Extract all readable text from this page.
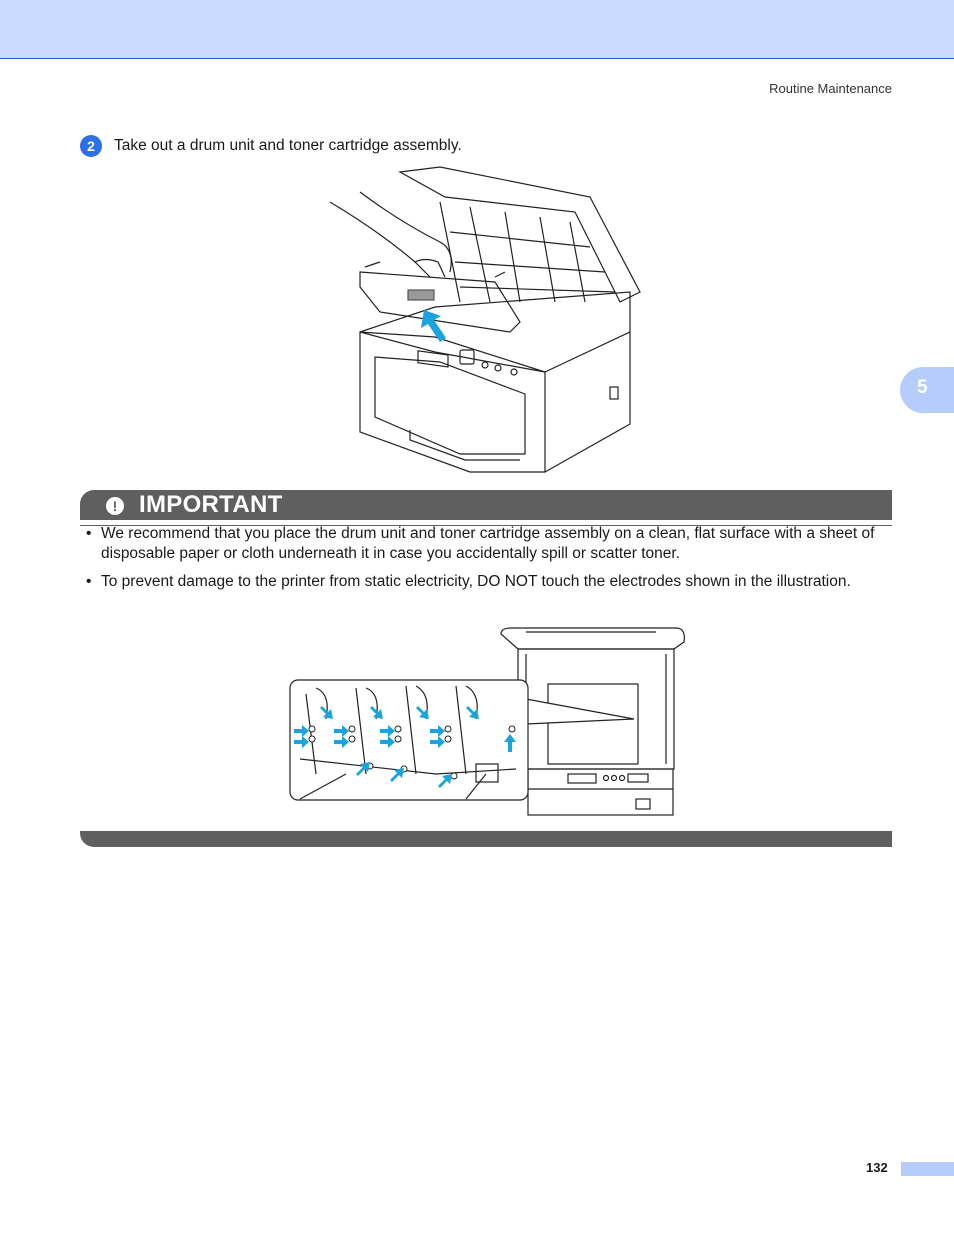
Routine Maintenance
5
2	Take out a drum unit and toner cartridge assembly.
! IMPORTANT
• We recommend that you place the drum unit and toner cartridge assembly on a clean, flat surface with a sheet of disposable paper or cloth underneath it in case you accidentally spill or scatter toner.
• To prevent damage to the printer from static electricity, DO NOT touch the electrodes shown in the illustration.
132
